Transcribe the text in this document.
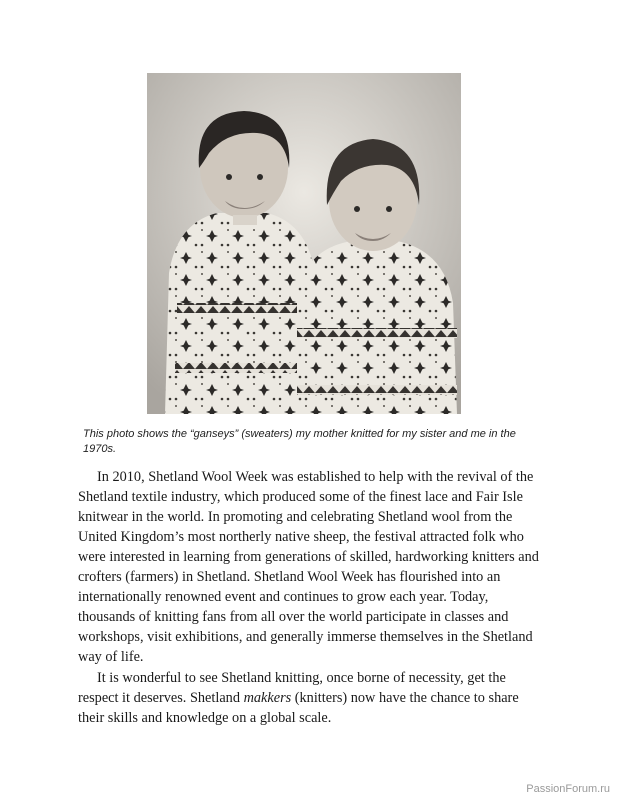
This photo shows the “ganseys” (sweaters) my mother knitted for my sister and me in the 1970s.

In 2010, Shetland Wool Week was established to help with the revival of the Shetland textile industry, which produced some of the finest lace and Fair Isle knitwear in the world. In promoting and celebrating Shetland wool from the United Kingdom’s most northerly native sheep, the festival attracted folk who were interested in learning from generations of skilled, hardworking knitters and crofters (farmers) in Shetland. Shetland Wool Week has flourished into an internationally renowned event and continues to grow each year. Today, thousands of knitting fans from all over the world participate in classes and workshops, visit exhibitions, and generally immerse themselves in the Shetland way of life.

It is wonderful to see Shetland knitting, once borne of necessity, get the respect it deserves. Shetland makkers (knitters) now have the chance to share their skills and knowledge on a global scale.

PassionForum.ru
